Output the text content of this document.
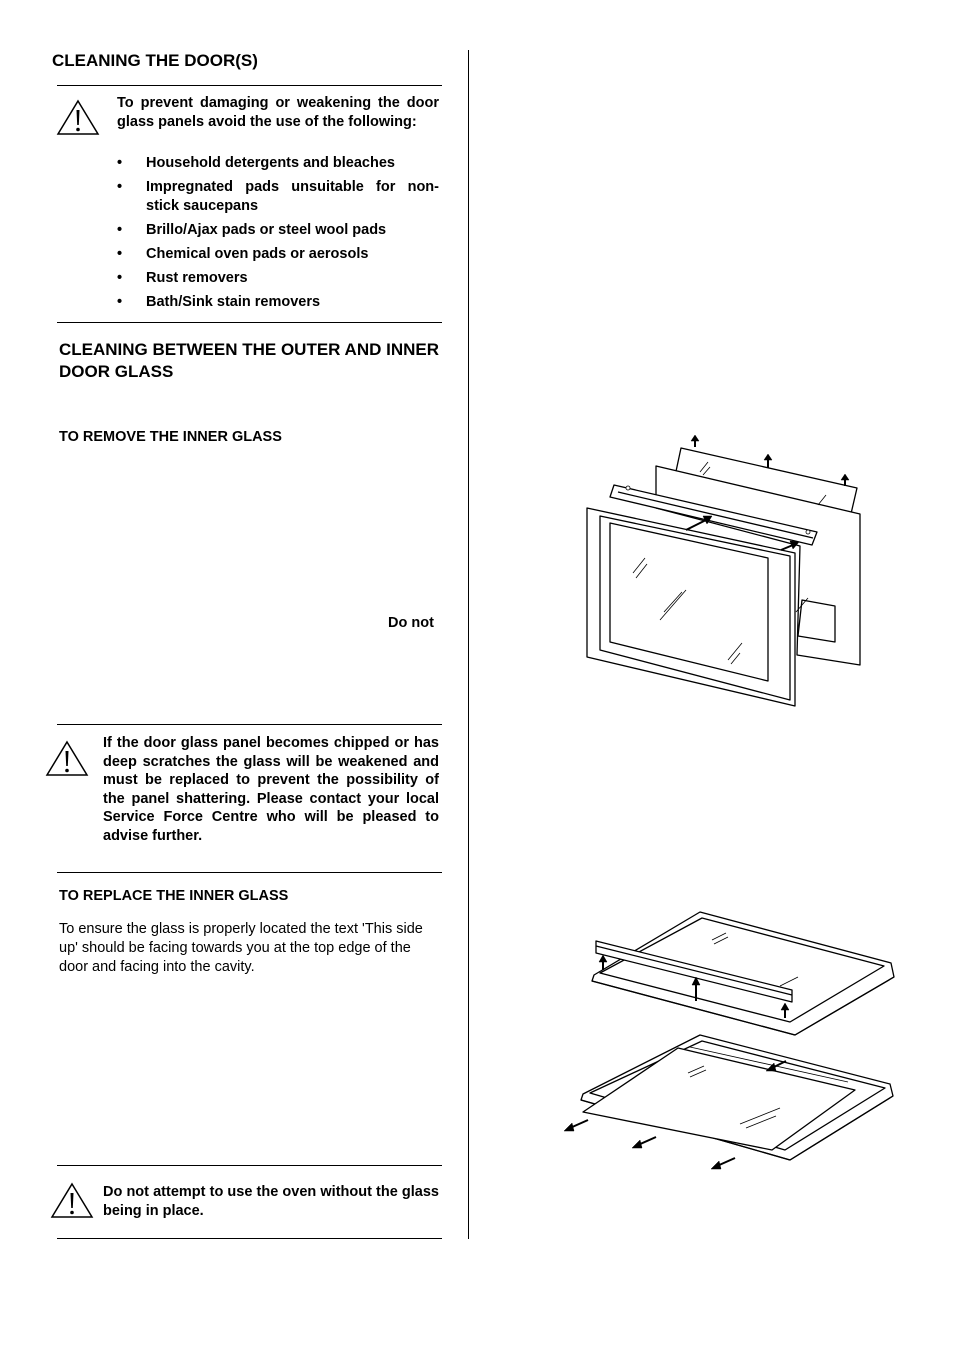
CLEANING THE DOOR(S)
To prevent damaging or weakening the door glass panels avoid the use of the following:
• Household detergents and bleaches
• Impregnated pads unsuitable for non-stick saucepans
• Brillo/Ajax pads or steel wool pads
• Chemical oven pads or aerosols
• Rust removers
• Bath/Sink stain removers
CLEANING BETWEEN THE OUTER AND INNER DOOR GLASS
TO REMOVE THE INNER GLASS
Do not
If the door glass panel becomes chipped or has deep scratches the glass will be weakened and must be replaced to prevent the possibility of the panel shattering. Please contact your local Service Force Centre who will be pleased to advise further.
TO REPLACE THE INNER GLASS
To ensure the glass is properly located the text 'This side up' should be facing towards you at the top edge of the door and facing into the cavity.
Do not attempt to use the oven without the glass being in place.
